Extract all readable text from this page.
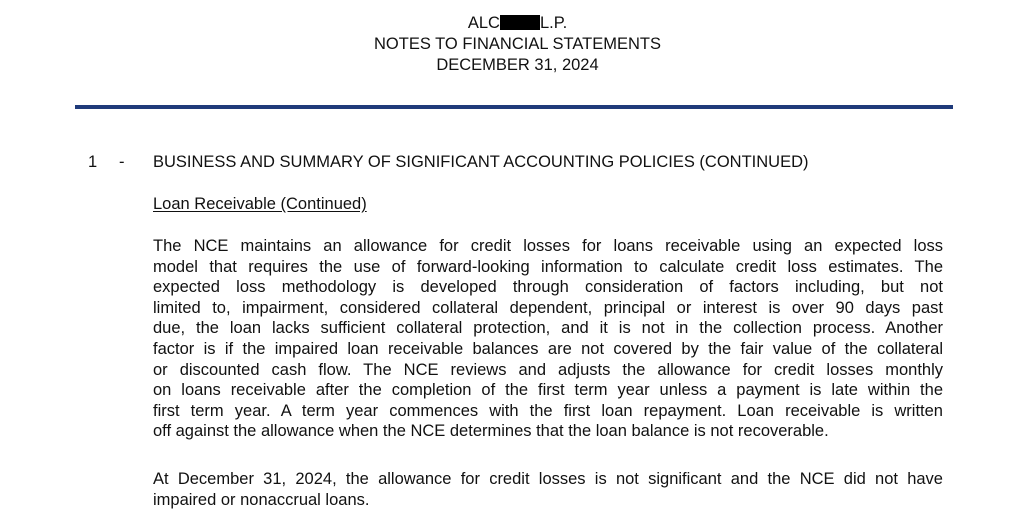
ALC L.P.
NOTES TO FINANCIAL STATEMENTS
DECEMBER 31, 2024
1 - BUSINESS AND SUMMARY OF SIGNIFICANT ACCOUNTING POLICIES (CONTINUED)
Loan Receivable (Continued)
The NCE maintains an allowance for credit losses for loans receivable using an expected loss
model that requires the use of forward-looking information to calculate credit loss estimates. The
expected loss methodology is developed through consideration of factors including, but not
limited to, impairment, considered collateral dependent, principal or interest is over 90 days past
due, the loan lacks sufficient collateral protection, and it is not in the collection process. Another
factor is if the impaired loan receivable balances are not covered by the fair value of the collateral
or discounted cash flow. The NCE reviews and adjusts the allowance for credit losses monthly
on loans receivable after the completion of the first term year unless a payment is late within the
first term year. A term year commences with the first loan repayment. Loan receivable is written
off against the allowance when the NCE determines that the loan balance is not recoverable.
At December 31, 2024, the allowance for credit losses is not significant and the NCE did not have
impaired or nonaccrual loans.
